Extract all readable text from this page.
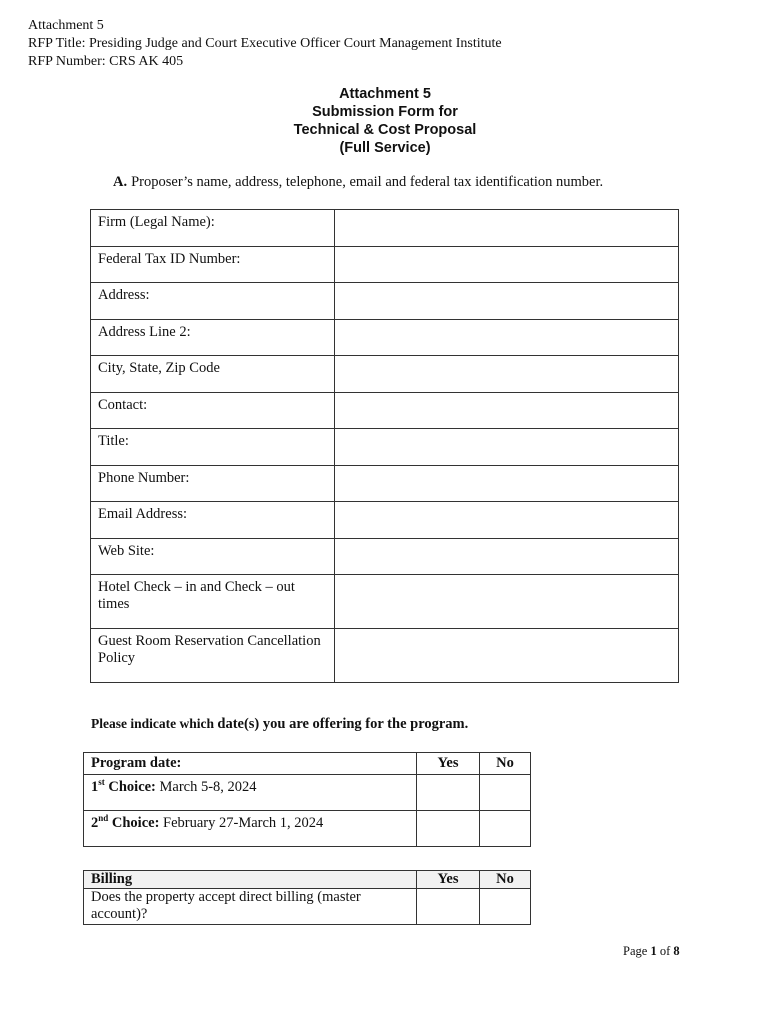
Attachment 5
RFP Title: Presiding Judge and Court Executive Officer Court Management Institute
RFP Number: CRS AK 405
Attachment 5
Submission Form for
Technical & Cost Proposal
(Full Service)
A. Proposer’s name, address, telephone, email and federal tax identification number.
Firm (Legal Name):	
Federal Tax ID Number:	
Address:	
Address Line 2:	
City, State, Zip Code	
Contact:	
Title:	
Phone Number:	
Email Address:	
Web Site:	
Hotel Check – in and Check – out times	
Guest Room Reservation Cancellation Policy	
Please indicate which date(s) you are offering for the program.
Program date:	Yes	No
1st Choice: March 5-8, 2024		
2nd Choice: February 27-March 1, 2024		
Billing	Yes	No
Does the property accept direct billing (master account)?		
Page 1 of 8
